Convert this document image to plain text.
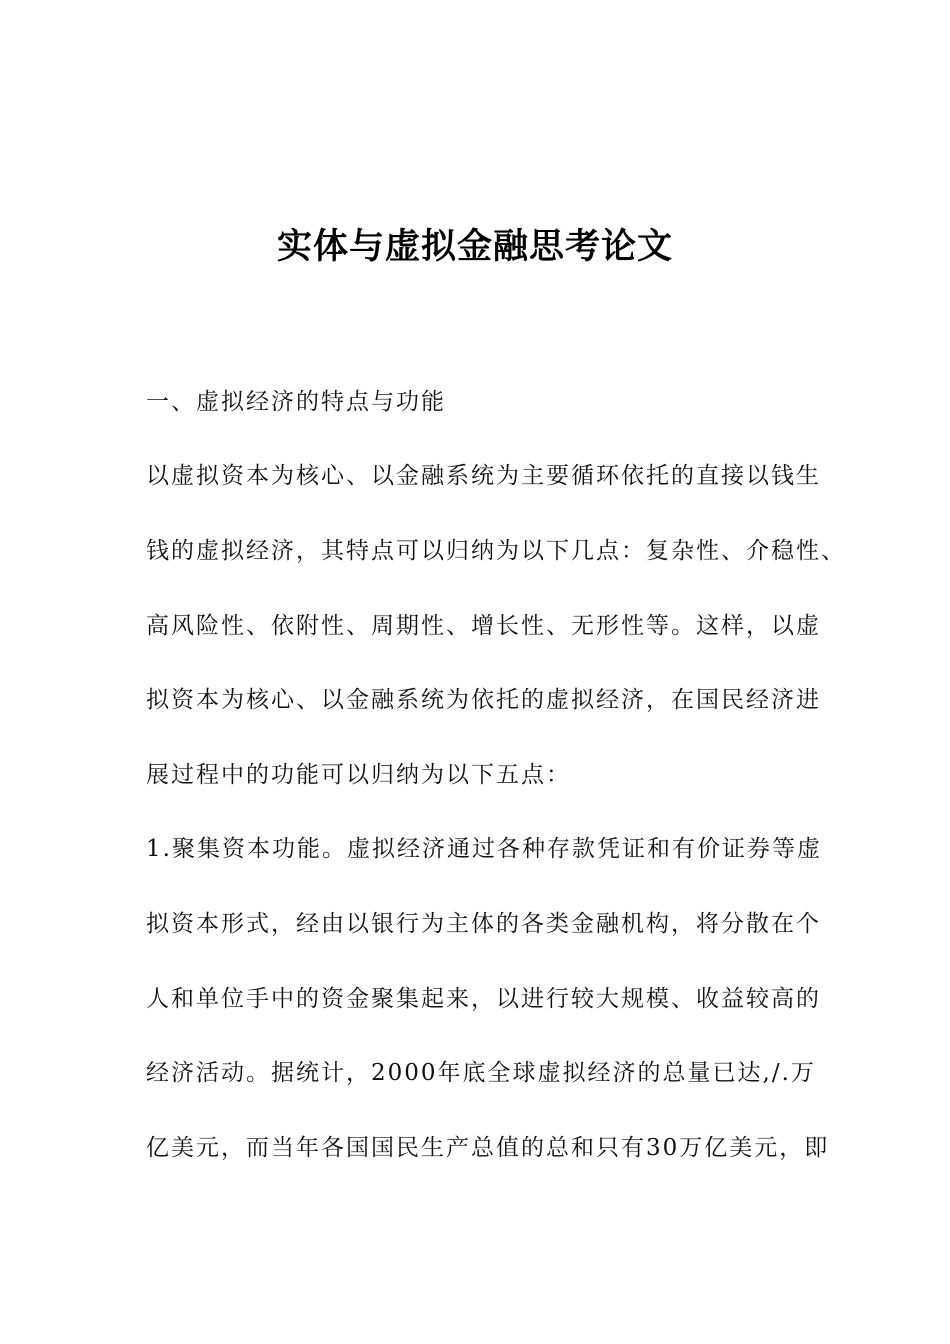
实体与虚拟金融思考论文

一、虚拟经济的特点与功能

以虚拟资本为核心、以金融系统为主要循环依托的直接以钱生

钱的虚拟经济，其特点可以归纳为以下几点：复杂性、介稳性、

高风险性、依附性、周期性、增长性、无形性等。这样，以虚

拟资本为核心、以金融系统为依托的虚拟经济，在国民经济进

展过程中的功能可以归纳为以下五点：

1.聚集资本功能。虚拟经济通过各种存款凭证和有价证券等虚

拟资本形式，经由以银行为主体的各类金融机构，将分散在个

人和单位手中的资金聚集起来，以进行较大规模、收益较高的

经济活动。据统计，2000年底全球虚拟经济的总量已达,/.万

亿美元，而当年各国国民生产总值的总和只有30万亿美元，即
